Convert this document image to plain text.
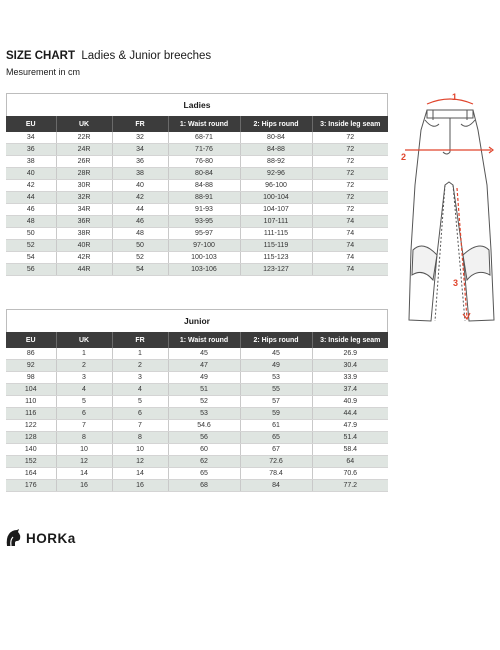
SIZE CHART Ladies & Junior breeches
Mesurement in cm
Ladies
EU	UK	FR	1: Waist round	2: Hips round	3: Inside leg seam
34	22R	32	68-71	80-84	72
36	24R	34	71-76	84-88	72
38	26R	36	76-80	88-92	72
40	28R	38	80-84	92-96	72
42	30R	40	84-88	96-100	72
44	32R	42	88-91	100-104	72
46	34R	44	91-93	104-107	72
48	36R	46	93-95	107-111	74
50	38R	48	95-97	111-115	74
52	40R	50	97-100	115-119	74
54	42R	52	100-103	115-123	74
56	44R	54	103-106	123-127	74
Junior
EU	UK	FR	1: Waist round	2: Hips round	3: Inside leg seam
86	1	1	45	45	26.9
92	2	2	47	49	30.4
98	3	3	49	53	33.9
104	4	4	51	55	37.4
110	5	5	52	57	40.9
116	6	6	53	59	44.4
122	7	7	54.6	61	47.9
128	8	8	56	65	51.4
140	10	10	60	67	58.4
152	12	12	62	72.6	64
164	14	14	65	78.4	70.6
176	16	16	68	84	77.2
1
2
3
HORKa
